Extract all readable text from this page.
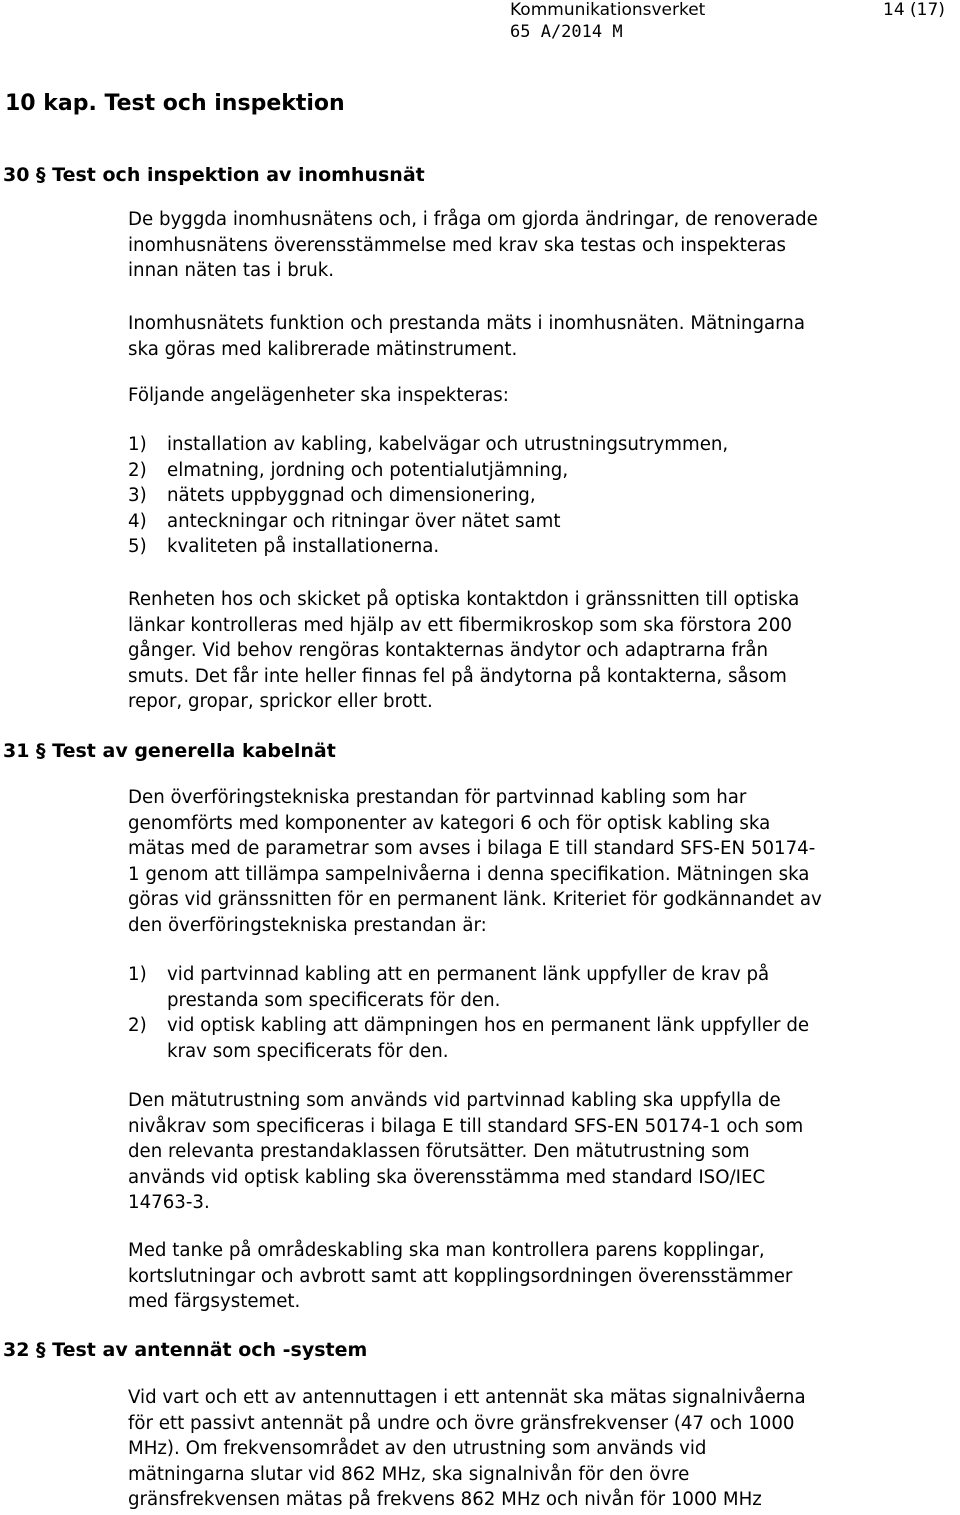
Kommunikationsverket	14 (17)
65 A/2014 M
10 kap. Test och inspektion
30 § Test och inspektion av inomhusnät
De byggda inomhusnätens och, i fråga om gjorda ändringar, de renoverade
inomhusnätens överensstämmelse med krav ska testas och inspekteras
innan näten tas i bruk.
Inomhusnätets funktion och prestanda mäts i inomhusnäten. Mätningarna
ska göras med kalibrerade mätinstrument.
Följande angelägenheter ska inspekteras:
1) installation av kabling, kabelvägar och utrustningsutrymmen,
2) elmatning, jordning och potentialutjämning,
3) nätets uppbyggnad och dimensionering,
4) anteckningar och ritningar över nätet samt
5) kvaliteten på installationerna.
Renheten hos och skicket på optiska kontaktdon i gränssnitten till optiska
länkar kontrolleras med hjälp av ett fibermikroskop som ska förstora 200
gånger. Vid behov rengöras kontakternas ändytor och adaptrarna från
smuts. Det får inte heller finnas fel på ändytorna på kontakterna, såsom
repor, gropar, sprickor eller brott.
31 § Test av generella kabelnät
Den överföringstekniska prestandan för partvinnad kabling som har
genomförts med komponenter av kategori 6 och för optisk kabling ska
mätas med de parametrar som avses i bilaga E till standard SFS-EN 50174-
1 genom att tillämpa sampelnivåerna i denna specifikation. Mätningen ska
göras vid gränssnitten för en permanent länk. Kriteriet för godkännandet av
den överföringstekniska prestandan är:
1) vid partvinnad kabling att en permanent länk uppfyller de krav på
prestanda som specificerats för den.
2) vid optisk kabling att dämpningen hos en permanent länk uppfyller de
krav som specificerats för den.
Den mätutrustning som används vid partvinnad kabling ska uppfylla de
nivåkrav som specificeras i bilaga E till standard SFS-EN 50174-1 och som
den relevanta prestandaklassen förutsätter. Den mätutrustning som
används vid optisk kabling ska överensstämma med standard ISO/IEC
14763-3.
Med tanke på områdeskabling ska man kontrollera parens kopplingar,
kortslutningar och avbrott samt att kopplingsordningen överensstämmer
med färgsystemet.
32 § Test av antennät och -system
Vid vart och ett av antennuttagen i ett antennät ska mätas signalnivåerna
för ett passivt antennät på undre och övre gränsfrekvenser (47 och 1000
MHz). Om frekvensområdet av den utrustning som används vid
mätningarna slutar vid 862 MHz, ska signalnivån för den övre
gränsfrekvensen mätas på frekvens 862 MHz och nivån för 1000 MHz
